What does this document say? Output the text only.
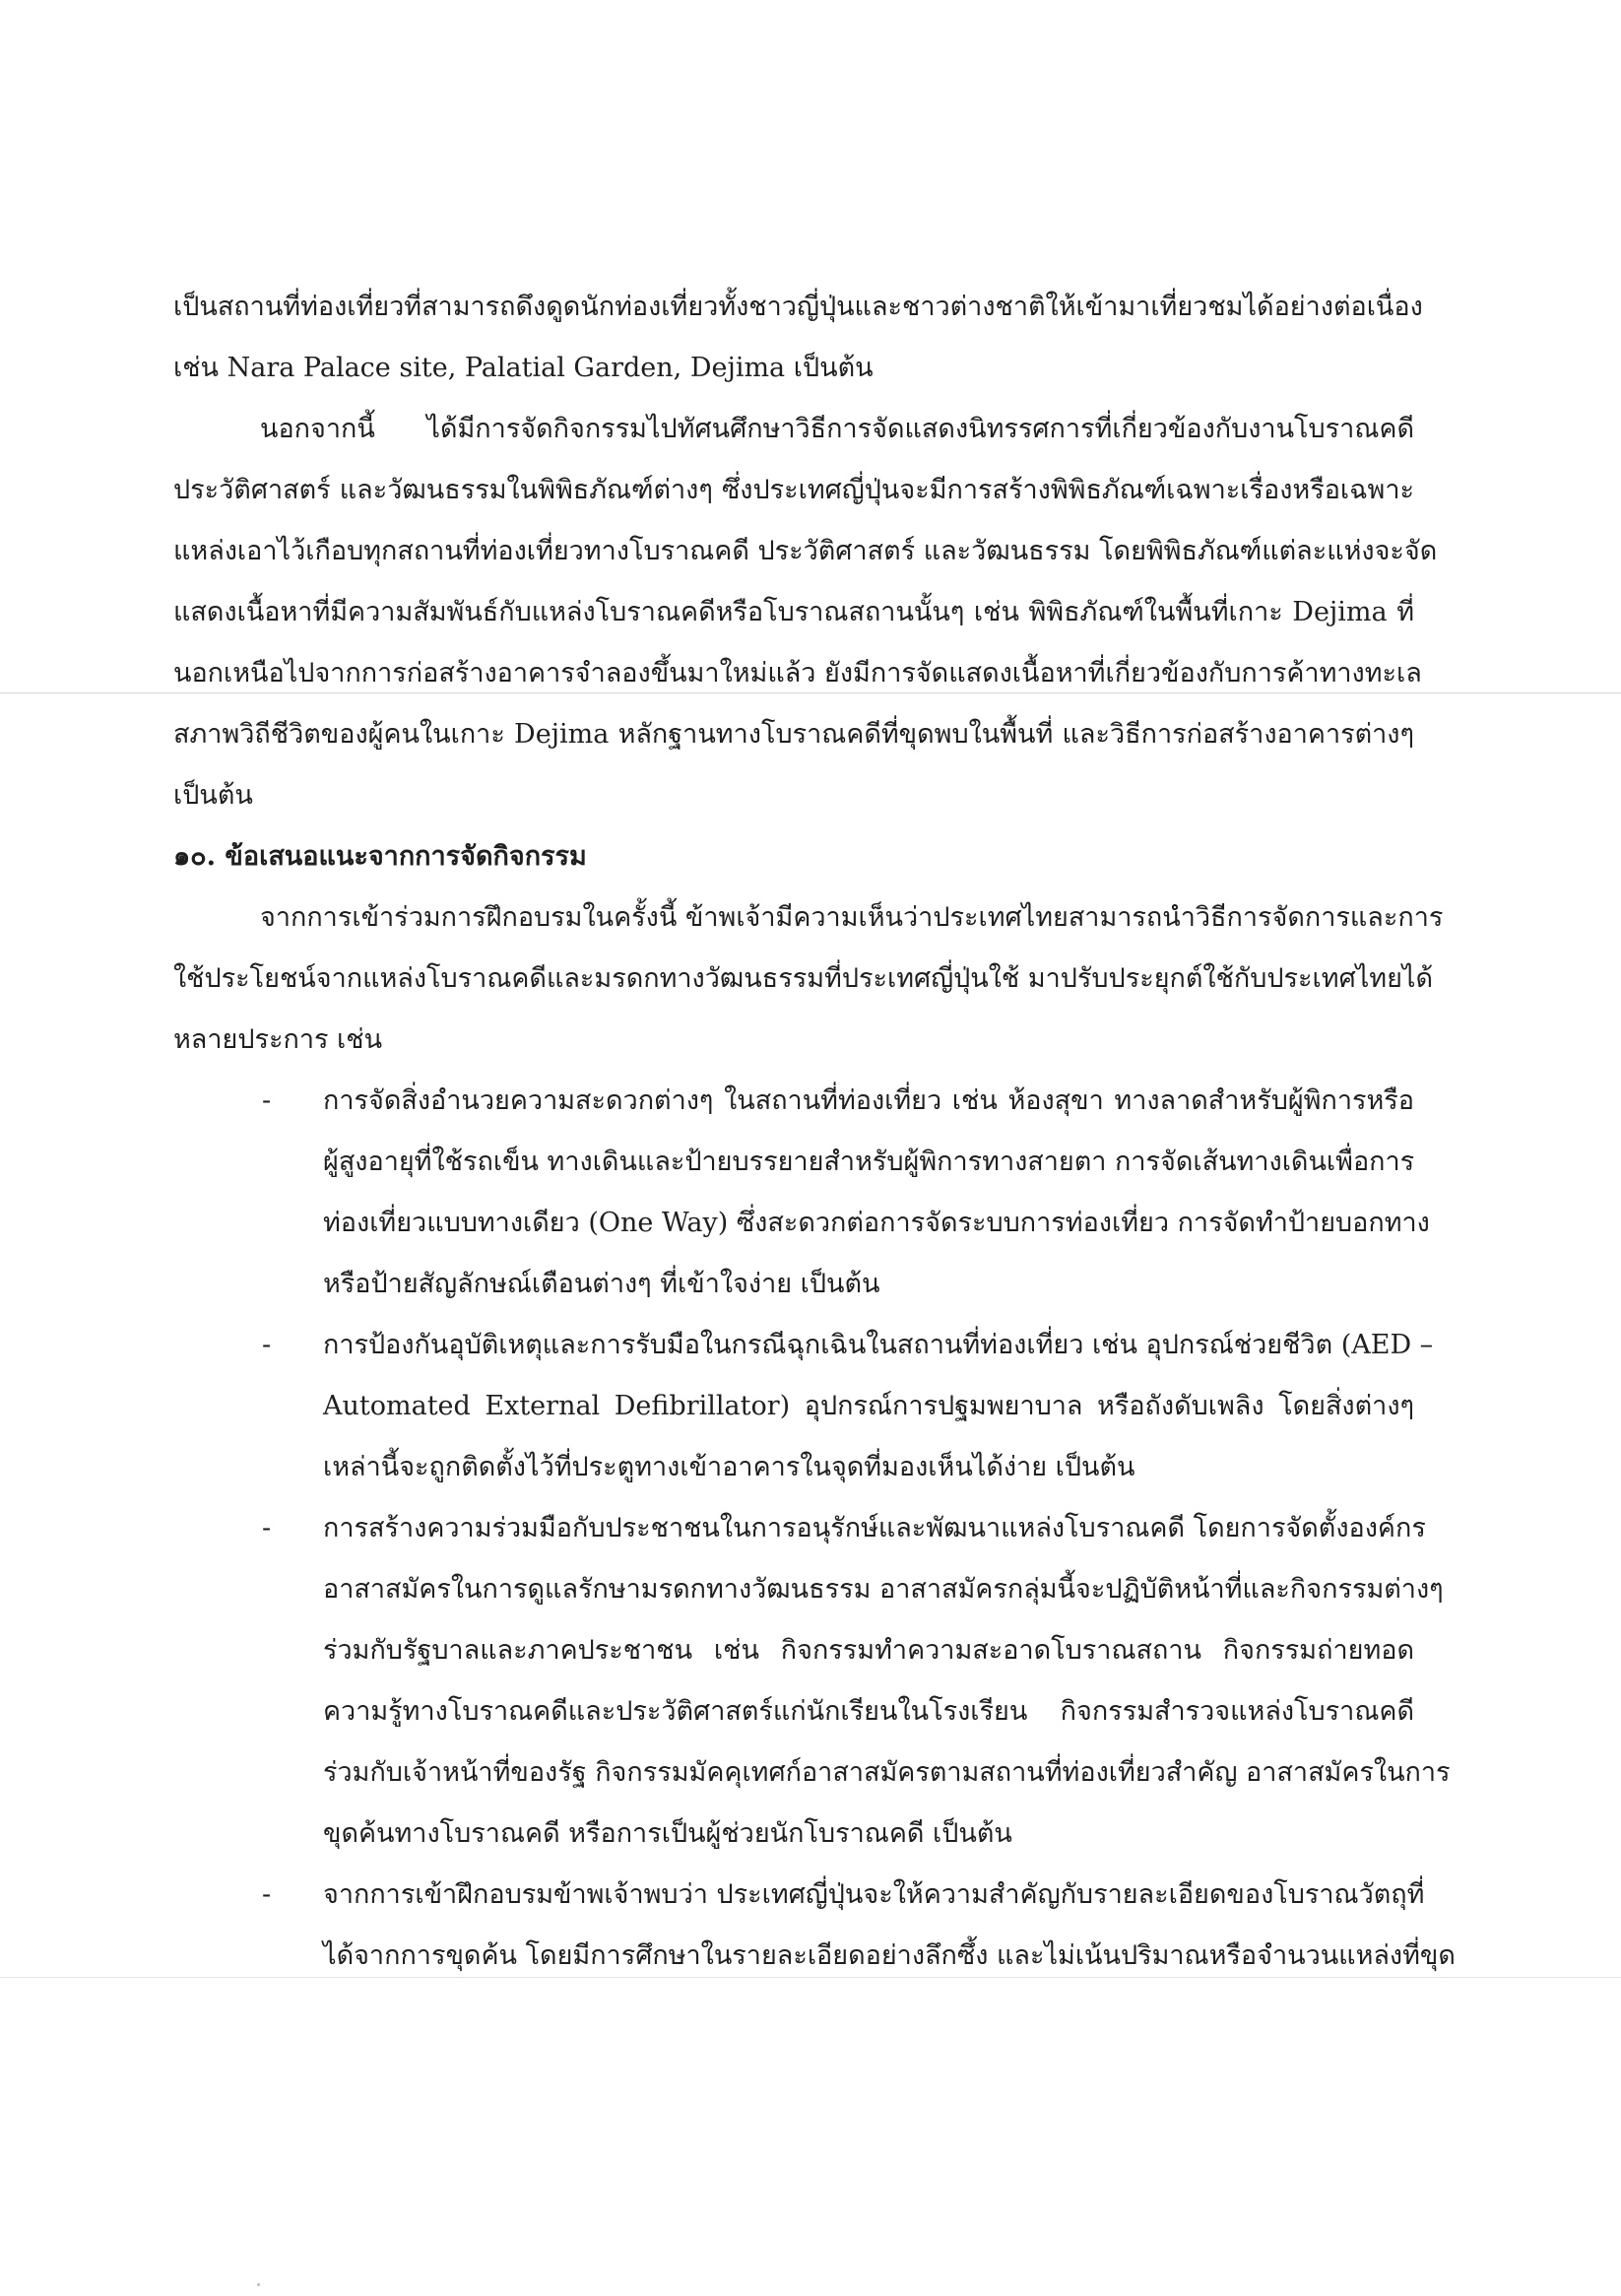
เป็นสถานที่ท่องเที่ยวที่สามารถดึงดูดนักท่องเที่ยวทั้งชาวญี่ปุ่นและชาวต่างชาติให้เข้ามาเที่ยวชมได้อย่างต่อเนื่อง
เช่น Nara Palace site, Palatial Garden, Dejima เป็นต้น
นอกจากนี้ ได้มีการจัดกิจกรรมไปทัศนศึกษาวิธีการจัดแสดงนิทรรศการที่เกี่ยวข้องกับงานโบราณคดี
ประวัติศาสตร์ และวัฒนธรรมในพิพิธภัณฑ์ต่างๆ ซึ่งประเทศญี่ปุ่นจะมีการสร้างพิพิธภัณฑ์เฉพาะเรื่องหรือเฉพาะ
แหล่งเอาไว้เกือบทุกสถานที่ท่องเที่ยวทางโบราณคดี ประวัติศาสตร์ และวัฒนธรรม โดยพิพิธภัณฑ์แต่ละแห่งจะจัด
แสดงเนื้อหาที่มีความสัมพันธ์กับแหล่งโบราณคดีหรือโบราณสถานนั้นๆ เช่น พิพิธภัณฑ์ในพื้นที่เกาะ Dejima ที่
นอกเหนือไปจากการก่อสร้างอาคารจำลองขึ้นมาใหม่แล้ว ยังมีการจัดแสดงเนื้อหาที่เกี่ยวข้องกับการค้าทางทะเล
สภาพวิถีชีวิตของผู้คนในเกาะ Dejima หลักฐานทางโบราณคดีที่ขุดพบในพื้นที่ และวิธีการก่อสร้างอาคารต่างๆ
เป็นต้น
๑๐. ข้อเสนอแนะจากการจัดกิจกรรม
จากการเข้าร่วมการฝึกอบรมในครั้งนี้ ข้าพเจ้ามีความเห็นว่าประเทศไทยสามารถนำวิธีการจัดการและการ
ใช้ประโยชน์จากแหล่งโบราณคดีและมรดกทางวัฒนธรรมที่ประเทศญี่ปุ่นใช้ มาปรับประยุกต์ใช้กับประเทศไทยได้
หลายประการ เช่น
- การจัดสิ่งอำนวยความสะดวกต่างๆ ในสถานที่ท่องเที่ยว เช่น ห้องสุขา ทางลาดสำหรับผู้พิการหรือ
ผู้สูงอายุที่ใช้รถเข็น ทางเดินและป้ายบรรยายสำหรับผู้พิการทางสายตา การจัดเส้นทางเดินเพื่อการ
ท่องเที่ยวแบบทางเดียว (One Way) ซึ่งสะดวกต่อการจัดระบบการท่องเที่ยว การจัดทำป้ายบอกทาง
หรือป้ายสัญลักษณ์เตือนต่างๆ ที่เข้าใจง่าย เป็นต้น
- การป้องกันอุบัติเหตุและการรับมือในกรณีฉุกเฉินในสถานที่ท่องเที่ยว เช่น อุปกรณ์ช่วยชีวิต (AED –
Automated External Defibrillator) อุปกรณ์การปฐมพยาบาล หรือถังดับเพลิง โดยสิ่งต่างๆ
เหล่านี้จะถูกติดตั้งไว้ที่ประตูทางเข้าอาคารในจุดที่มองเห็นได้ง่าย เป็นต้น
- การสร้างความร่วมมือกับประชาชนในการอนุรักษ์และพัฒนาแหล่งโบราณคดี โดยการจัดตั้งองค์กร
อาสาสมัครในการดูแลรักษามรดกทางวัฒนธรรม อาสาสมัครกลุ่มนี้จะปฏิบัติหน้าที่และกิจกรรมต่างๆ
ร่วมกับรัฐบาลและภาคประชาชน เช่น กิจกรรมทำความสะอาดโบราณสถาน กิจกรรมถ่ายทอด
ความรู้ทางโบราณคดีและประวัติศาสตร์แก่นักเรียนในโรงเรียน กิจกรรมสำรวจแหล่งโบราณคดี
ร่วมกับเจ้าหน้าที่ของรัฐ กิจกรรมมัคคุเทศก์อาสาสมัครตามสถานที่ท่องเที่ยวสำคัญ อาสาสมัครในการ
ขุดค้นทางโบราณคดี หรือการเป็นผู้ช่วยนักโบราณคดี เป็นต้น
- จากการเข้าฝึกอบรมข้าพเจ้าพบว่า ประเทศญี่ปุ่นจะให้ความสำคัญกับรายละเอียดของโบราณวัตถุที่
ได้จากการขุดค้น โดยมีการศึกษาในรายละเอียดอย่างลึกซึ้ง และไม่เน้นปริมาณหรือจำนวนแหล่งที่ขุด
